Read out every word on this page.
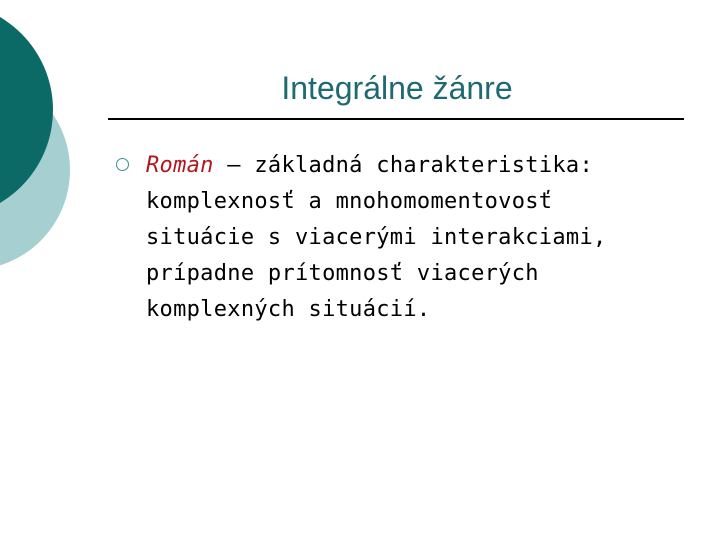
Integrálne žánre
Román – základná charakteristika:
komplexnosť a mnohomomentovosť
situácie s viacerými interakciami,
prípadne prítomnosť viacerých
komplexných situácií.
